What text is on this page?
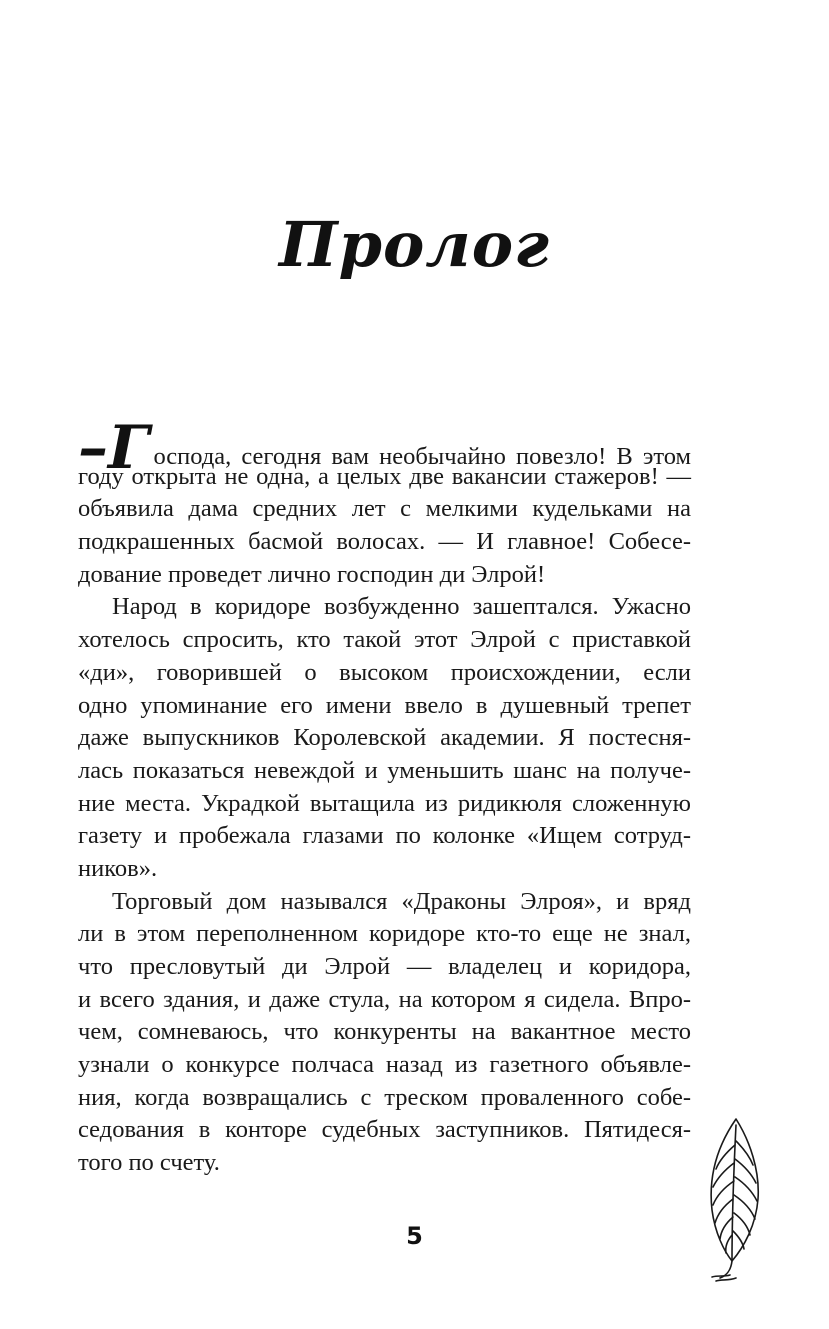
Пролог
–Г оспода, сегодня вам необычайно повезло! В этом
году открыта не одна, а целых две вакансии стажеров! —
объявила дама средних лет с мелкими кудельками на
подкрашенных басмой волосах. — И главное! Собесе-
дование проведет лично господин ди Элрой!
Народ в коридоре возбужденно зашептался. Ужасно
хотелось спросить, кто такой этот Элрой с приставкой
«ди», говорившей о высоком происхождении, если
одно упоминание его имени ввело в душевный трепет
даже выпускников Королевской академии. Я постесня-
лась показаться невеждой и уменьшить шанс на получе-
ние места. Украдкой вытащила из ридикюля сложенную
газету и пробежала глазами по колонке «Ищем сотруд-
ников».
Торговый дом назывался «Драконы Элроя», и вряд
ли в этом переполненном коридоре кто-то еще не знал,
что пресловутый ди Элрой — владелец и коридора,
и всего здания, и даже стула, на котором я сидела. Впро-
чем, сомневаюсь, что конкуренты на вакантное место
узнали о конкурсе полчаса назад из газетного объявле-
ния, когда возвращались с треском проваленного собе-
седования в конторе судебных заступников. Пятидеся-
того по счету.
5
